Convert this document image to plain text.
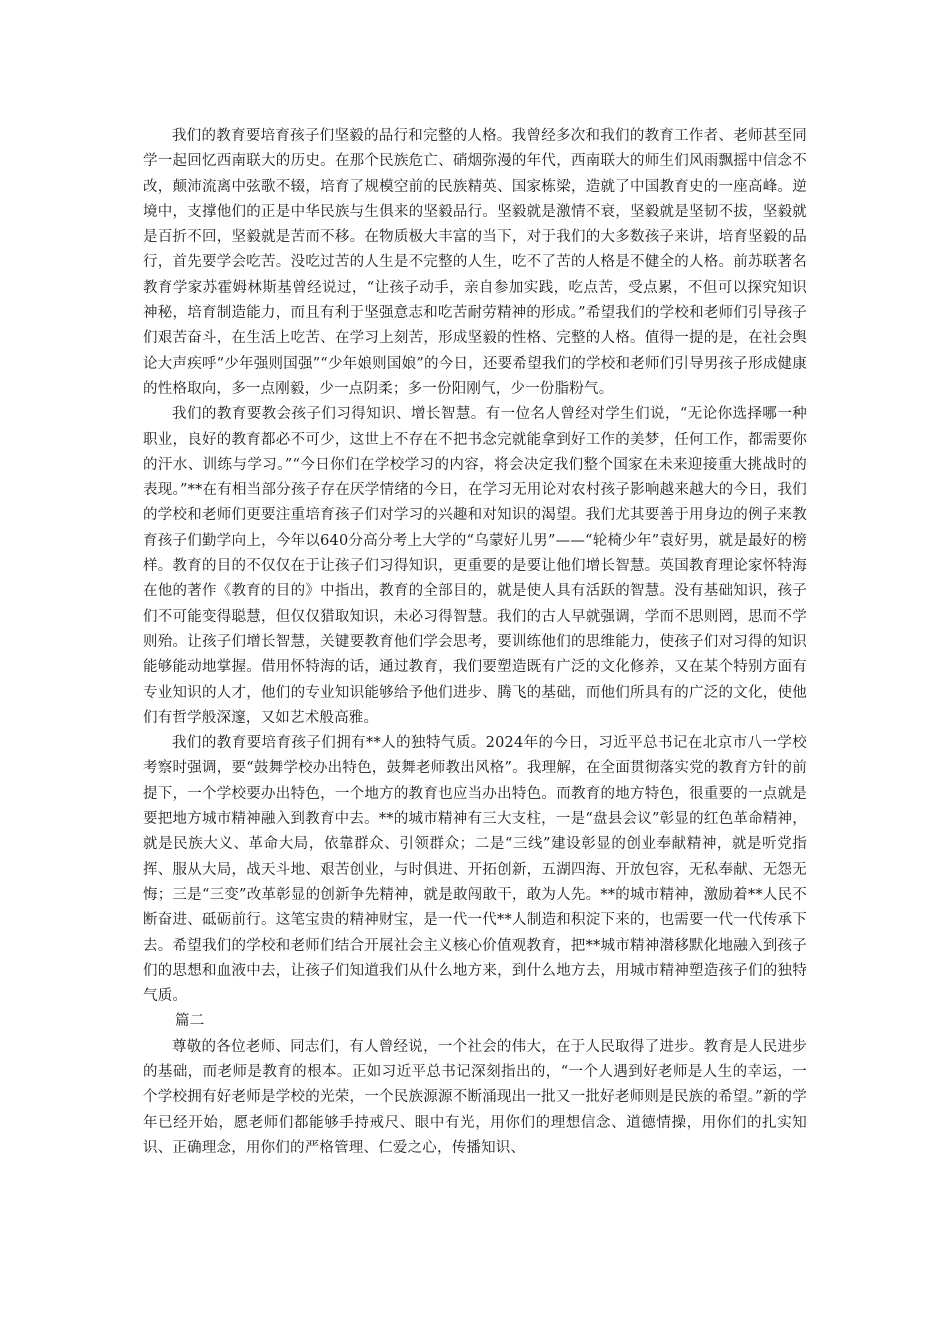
我们的教育要培育孩子们坚毅的品行和完整的人格。我曾经多次和我们的教育工作者、老师甚至同学一起回忆西南联大的历史。在那个民族危亡、硝烟弥漫的年代，西南联大的师生们风雨飘摇中信念不改，颠沛流离中弦歌不辍，培育了规模空前的民族精英、国家栋梁，造就了中国教育史的一座高峰。逆境中，支撑他们的正是中华民族与生俱来的坚毅品行。坚毅就是激情不衰，坚毅就是坚韧不拔，坚毅就是百折不回，坚毅就是苦而不移。在物质极大丰富的当下，对于我们的大多数孩子来讲，培育坚毅的品行，首先要学会吃苦。没吃过苦的人生是不完整的人生，吃不了苦的人格是不健全的人格。前苏联著名教育学家苏霍姆林斯基曾经说过，“让孩子动手，亲自参加实践，吃点苦，受点累，不但可以探究知识神秘，培育制造能力，而且有利于坚强意志和吃苦耐劳精神的形成。”希望我们的学校和老师们引导孩子们艰苦奋斗，在生活上吃苦、在学习上刻苦，形成坚毅的性格、完整的人格。值得一提的是，在社会舆论大声疾呼“少年强则国强”“少年娘则国娘”的今日，还要希望我们的学校和老师们引导男孩子形成健康的性格取向，多一点刚毅，少一点阴柔；多一份阳刚气，少一份脂粉气。

我们的教育要教会孩子们习得知识、增长智慧。有一位名人曾经对学生们说，“无论你选择哪一种职业，良好的教育都必不可少，这世上不存在不把书念完就能拿到好工作的美梦，任何工作，都需要你的汗水、训练与学习。”“今日你们在学校学习的内容，将会决定我们整个国家在未来迎接重大挑战时的表现。”**在有相当部分孩子存在厌学情绪的今日，在学习无用论对农村孩子影响越来越大的今日，我们的学校和老师们更要注重培育孩子们对学习的兴趣和对知识的渴望。我们尤其要善于用身边的例子来教育孩子们勤学向上，今年以640分高分考上大学的“乌蒙好儿男”——“轮椅少年”袁好男，就是最好的榜样。教育的目的不仅仅在于让孩子们习得知识，更重要的是要让他们增长智慧。英国教育理论家怀特海在他的著作《教育的目的》中指出，教育的全部目的，就是使人具有活跃的智慧。没有基础知识，孩子们不可能变得聪慧，但仅仅猎取知识，未必习得智慧。我们的古人早就强调，学而不思则罔，思而不学则殆。让孩子们增长智慧，关键要教育他们学会思考，要训练他们的思维能力，使孩子们对习得的知识能够能动地掌握。借用怀特海的话，通过教育，我们要塑造既有广泛的文化修养，又在某个特别方面有专业知识的人才，他们的专业知识能够给予他们进步、腾飞的基础，而他们所具有的广泛的文化，使他们有哲学般深邃，又如艺术般高雅。

我们的教育要培育孩子们拥有**人的独特气质。2024年的今日，习近平总书记在北京市八一学校考察时强调，要“鼓舞学校办出特色，鼓舞老师教出风格”。我理解，在全面贯彻落实党的教育方针的前提下，一个学校要办出特色，一个地方的教育也应当办出特色。而教育的地方特色，很重要的一点就是要把地方城市精神融入到教育中去。**的城市精神有三大支柱，一是“盘县会议”彰显的红色革命精神，就是民族大义、革命大局，依靠群众、引领群众；二是“三线”建设彰显的创业奉献精神，就是听党指挥、服从大局，战天斗地、艰苦创业，与时俱进、开拓创新，五湖四海、开放包容，无私奉献、无怨无悔；三是“三变”改革彰显的创新争先精神，就是敢闯敢干，敢为人先。**的城市精神，激励着**人民不断奋进、砥砺前行。这笔宝贵的精神财宝，是一代一代**人制造和积淀下来的，也需要一代一代传承下去。希望我们的学校和老师们结合开展社会主义核心价值观教育，把**城市精神潜移默化地融入到孩子们的思想和血液中去，让孩子们知道我们从什么地方来，到什么地方去，用城市精神塑造孩子们的独特气质。

篇二

尊敬的各位老师、同志们，有人曾经说，一个社会的伟大，在于人民取得了进步。教育是人民进步的基础，而老师是教育的根本。正如习近平总书记深刻指出的，“一个人遇到好老师是人生的幸运，一个学校拥有好老师是学校的光荣，一个民族源源不断涌现出一批又一批好老师则是民族的希望。”新的学年已经开始，愿老师们都能够手持戒尺、眼中有光，用你们的理想信念、道德情操，用你们的扎实知识、正确理念，用你们的严格管理、仁爱之心，传播知识、
